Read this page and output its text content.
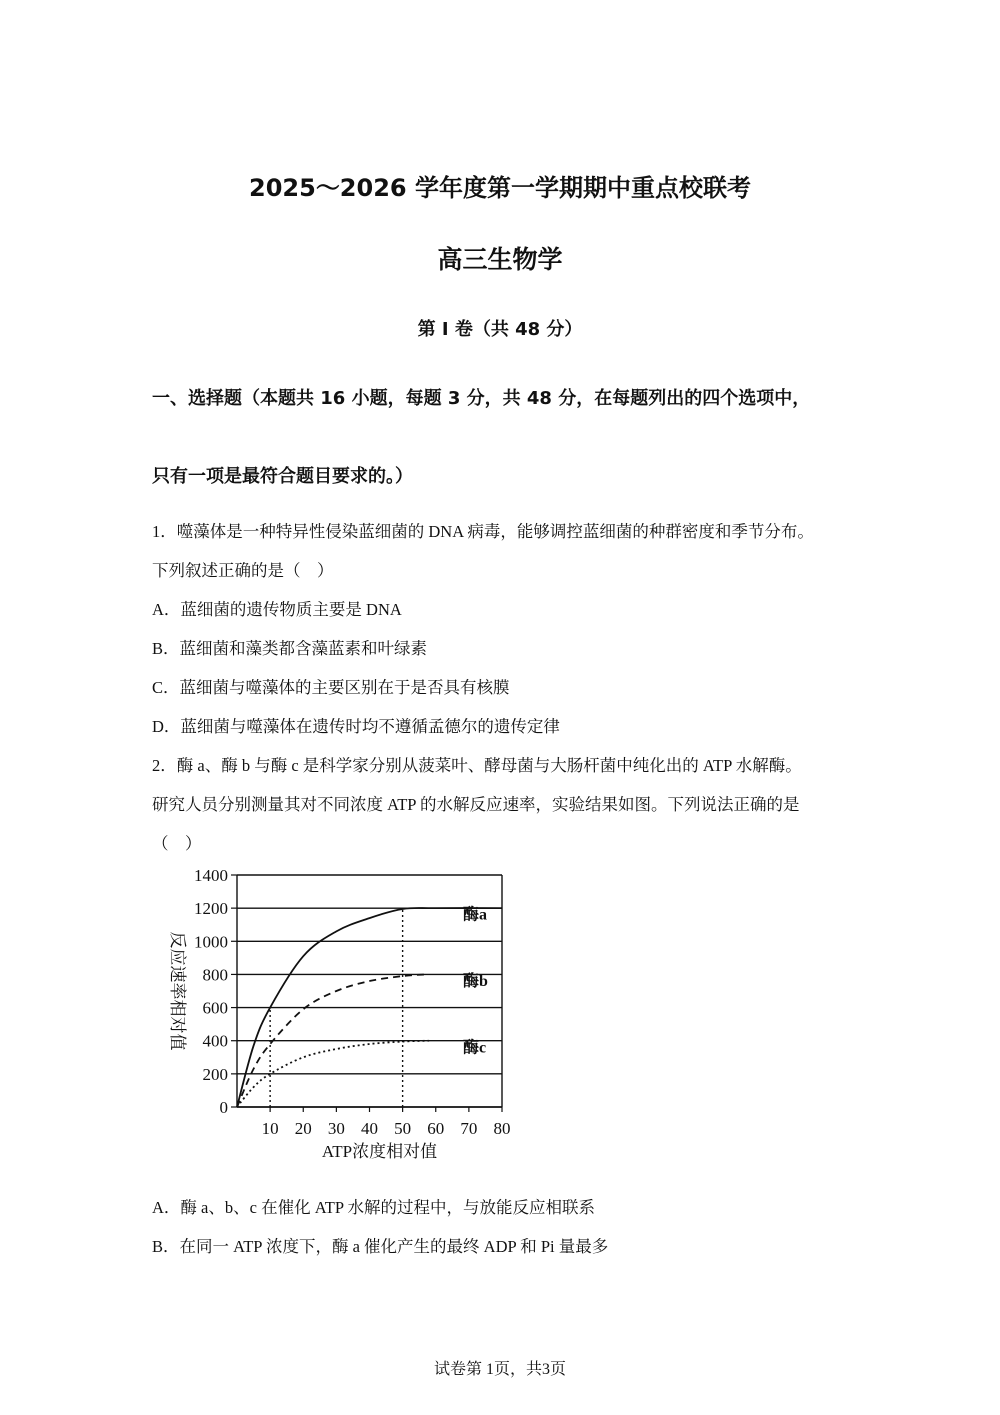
2025～2026 学年度第一学期期中重点校联考
高三生物学
第 I 卷（共 48 分）
一、选择题（本题共 16 小题，每题 3 分，共 48 分，在每题列出的四个选项中，
只有一项是最符合题目要求的。）
1．噬藻体是一种特异性侵染蓝细菌的 DNA 病毒，能够调控蓝细菌的种群密度和季节分布。
下列叙述正确的是（　）
A．蓝细菌的遗传物质主要是 DNA
B．蓝细菌和藻类都含藻蓝素和叶绿素
C．蓝细菌与噬藻体的主要区别在于是否具有核膜
D．蓝细菌与噬藻体在遗传时均不遵循孟德尔的遗传定律
2．酶 a、酶 b 与酶 c 是科学家分别从菠菜叶、酵母菌与大肠杆菌中纯化出的 ATP 水解酶。
研究人员分别测量其对不同浓度 ATP 的水解反应速率，实验结果如图。下列说法正确的是
（　）
0
200
400
600
800
1000
1200
1400
10 20 30 40 50 60 70 80
酶a
酶b
酶c
ATP浓度相对值
反应速率相对值
A．酶 a、b、c 在催化 ATP 水解的过程中，与放能反应相联系
B．在同一 ATP 浓度下，酶 a 催化产生的最终 ADP 和 Pi 量最多
试卷第 1页，共3页
